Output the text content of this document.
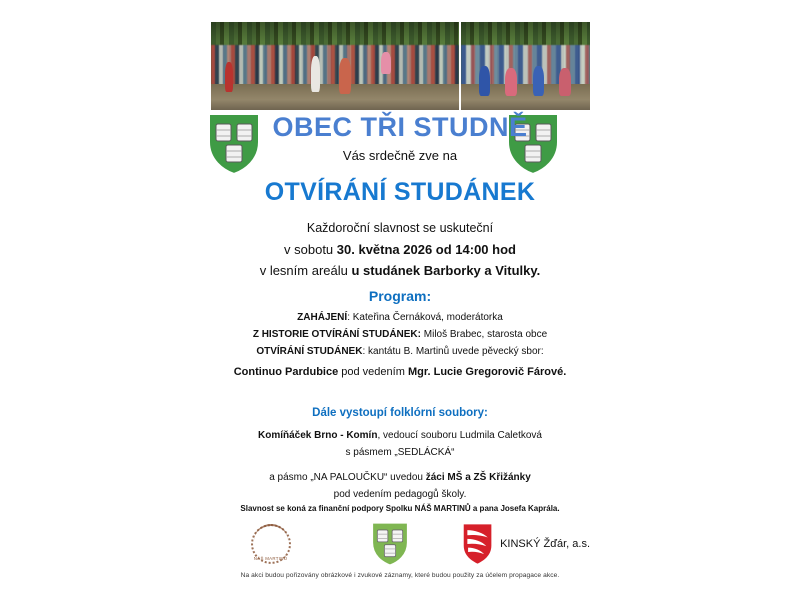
OBEC TŘI STUDNĚ
Vás srdečně zve na
OTVÍRÁNÍ STUDÁNEK
Každoroční slavnost se uskuteční
v sobotu 30. května 2026 od 14:00 hod
v lesním areálu u studánek Barborky a Vitulky.
Program:
ZAHÁJENÍ: Kateřina Černáková, moderátorka
Z HISTORIE OTVÍRÁNÍ STUDÁNEK: Miloš Brabec, starosta obce
OTVÍRÁNÍ STUDÁNEK: kantátu B. Martinů uvede pěvecký sbor:
Continuo Pardubice pod vedením Mgr. Lucie Gregorovič Fárové.
Dále vystoupí folklórní soubory:
Komíňáček Brno - Komín, vedoucí souboru Ludmila Caletková
s pásmem „SEDLÁCKÁ“
a pásmo „NA PALOUČKU“ uvedou žáci MŠ a ZŠ Křižánky
pod vedením pedagogů školy.
Slavnost se koná za finanční podpory Spolku NÁŠ MARTINŮ a pana Josefa Kaprála.
NÁŠ MARTINŮ
KINSKÝ Žďár, a.s.
Na akci budou pořizovány obrázkové i zvukové záznamy, které budou použity za účelem propagace akce.
